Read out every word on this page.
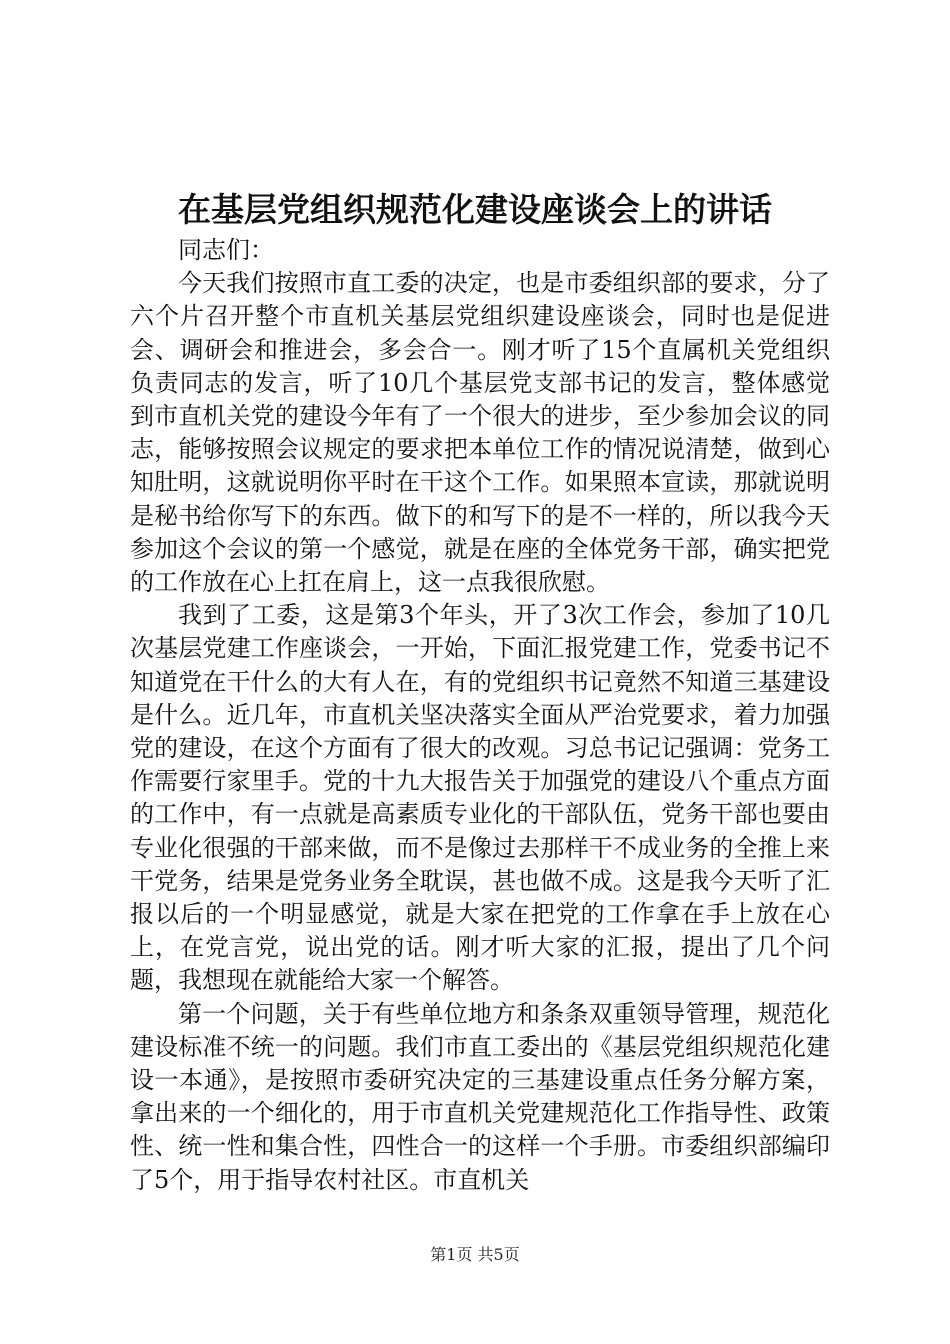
在基层党组织规范化建设座谈会上的讲话

同志们：

今天我们按照市直工委的决定，也是市委组织部的要求，分了六个片召开整个市直机关基层党组织建设座谈会，同时也是促进会、调研会和推进会，多会合一。刚才听了15个直属机关党组织负责同志的发言，听了10几个基层党支部书记的发言，整体感觉到市直机关党的建设今年有了一个很大的进步，至少参加会议的同志，能够按照会议规定的要求把本单位工作的情况说清楚，做到心知肚明，这就说明你平时在干这个工作。如果照本宣读，那就说明是秘书给你写下的东西。做下的和写下的是不一样的，所以我今天参加这个会议的第一个感觉，就是在座的全体党务干部，确实把党的工作放在心上扛在肩上，这一点我很欣慰。

我到了工委，这是第3个年头，开了3次工作会，参加了10几次基层党建工作座谈会，一开始，下面汇报党建工作，党委书记不知道党在干什么的大有人在，有的党组织书记竟然不知道三基建设是什么。近几年，市直机关坚决落实全面从严治党要求，着力加强党的建设，在这个方面有了很大的改观。习总书记记强调：党务工作需要行家里手。党的十九大报告关于加强党的建设八个重点方面的工作中，有一点就是高素质专业化的干部队伍，党务干部也要由专业化很强的干部来做，而不是像过去那样干不成业务的全推上来干党务，结果是党务业务全耽误，甚也做不成。这是我今天听了汇报以后的一个明显感觉，就是大家在把党的工作拿在手上放在心上，在党言党，说出党的话。刚才听大家的汇报，提出了几个问题，我想现在就能给大家一个解答。

第一个问题，关于有些单位地方和条条双重领导管理，规范化建设标准不统一的问题。我们市直工委出的《基层党组织规范化建设一本通》，是按照市委研究决定的三基建设重点任务分解方案，拿出来的一个细化的，用于市直机关党建规范化工作指导性、政策性、统一性和集合性，四性合一的这样一个手册。市委组织部编印了5个，用于指导农村社区。市直机关

第1页 共5页
